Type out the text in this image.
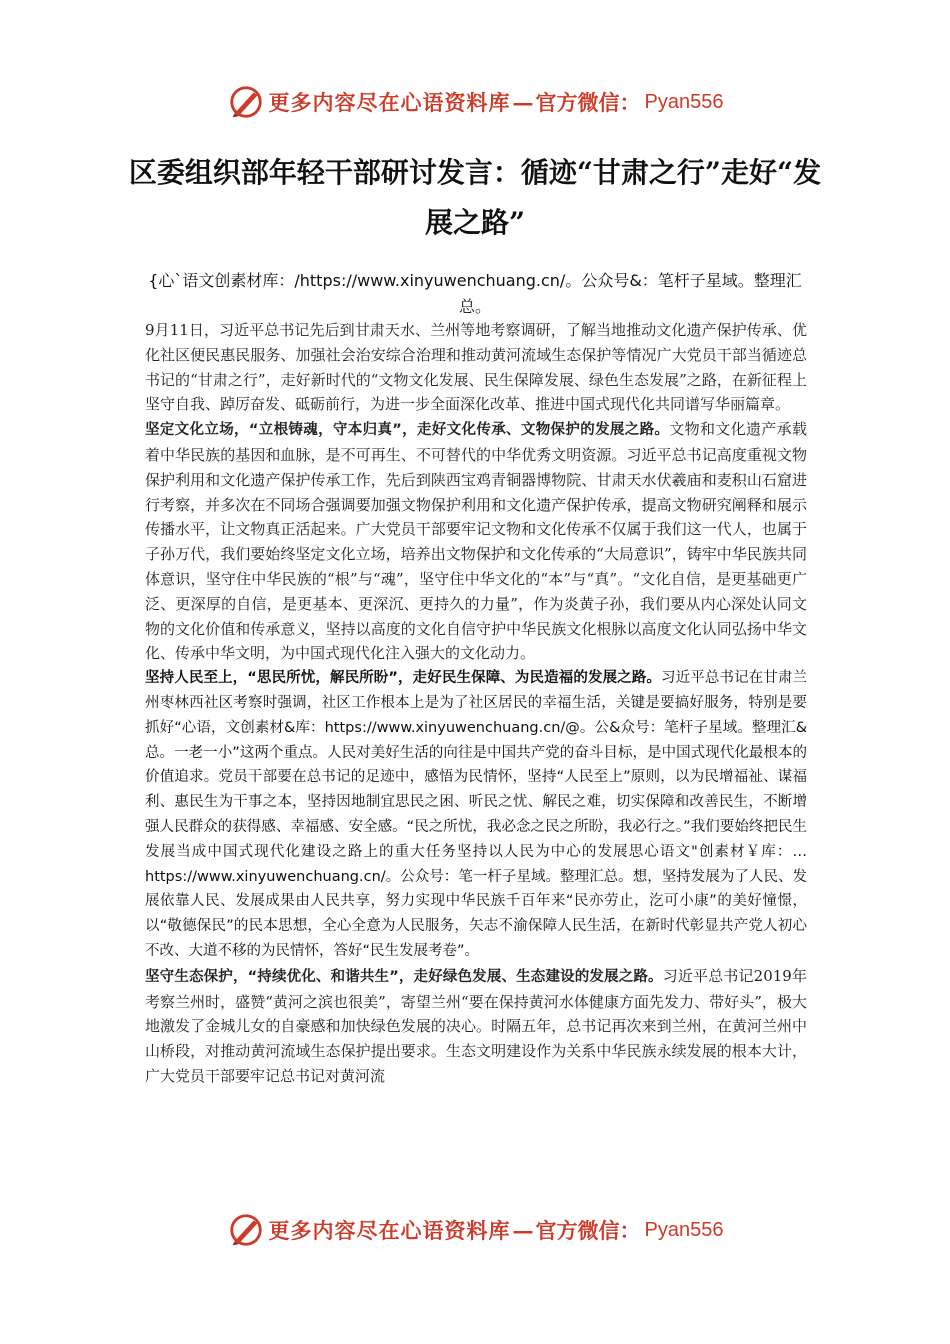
更多内容尽在心语资料库 — 官方微信： Pyan556
区委组织部年轻干部研讨发言：循迹“甘肃之行”走好“发展之路”
{心`语文创素材库：/https://www.xinyuwenchuang.cn/。公众号&：笔杆子星域。整理汇总。

9月11日，习近平总书记先后到甘肃天水、兰州等地考察调研，了解当地推动文化遗产保护传承、优化社区便民惠民服务、加强社会治安综合治理和推动黄河流域生态保护等情况广大党员干部当循迹总书记的“甘肃之行”，走好新时代的“文物文化发展、民生保障发展、绿色生态发展”之路，在新征程上坚守自我、踔厉奋发、砥砺前行，为进一步全面深化改革、推进中国式现代化共同谱写华丽篇章。

坚定文化立场，“立根铸魂，守本归真”，走好文化传承、文物保护的发展之路。文物和文化遗产承载着中华民族的基因和血脉，是不可再生、不可替代的中华优秀文明资源。习近平总书记高度重视文物保护利用和文化遗产保护传承工作，先后到陕西宝鸡青铜器博物院、甘肃天水伏羲庙和麦积山石窟进行考察，并多次在不同场合强调要加强文物保护利用和文化遗产保护传承，提高文物研究阐释和展示传播水平，让文物真正活起来。广大党员干部要牢记文物和文化传承不仅属于我们这一代人，也属于子孙万代，我们要始终坚定文化立场，培养出文物保护和文化传承的“大局意识”，铸牢中华民族共同体意识，坚守住中华民族的“根”与“魂”，坚守住中华文化的“本”与“真”。“文化自信，是更基础更广泛、更深厚的自信，是更基本、更深沉、更持久的力量”，作为炎黄子孙，我们要从内心深处认同文物的文化价值和传承意义，坚持以高度的文化自信守护中华民族文化根脉以高度文化认同弘扬中华文化、传承中华文明，为中国式现代化注入强大的文化动力。

坚持人民至上，“思民所忧，解民所盼”，走好民生保障、为民造福的发展之路。习近平总书记在甘肃兰州枣林西社区考察时强调，社区工作根本上是为了社区居民的幸福生活，关键是要搞好服务，特别是要抓好“心语，文创素材&库：https://www.xinyuwenchuang.cn/@。公&众号：笔杆子星域。整理汇&总。一老一小”这两个重点。人民对美好生活的向往是中国共产党的奋斗目标，是中国式现代化最根本的价值追求。党员干部要在总书记的足迹中，感悟为民情怀，坚持“人民至上”原则，以为民增福祉、谋福利、惠民生为干事之本，坚持因地制宜思民之困、听民之忧、解民之难，切实保障和改善民生，不断增强人民群众的获得感、幸福感、安全感。“民之所忧，我必念之民之所盼，我必行之。”我们要始终把民生发展当成中国式现代化建设之路上的重大任务坚持以人民为中心的发展思心语文"创素材￥库：…https://www.xinyuwenchuang.cn/。公众号：笔一杆子星域。整理汇总。想，坚持发展为了人民、发展依靠人民、发展成果由人民共享，努力实现中华民族千百年来“民亦劳止，汔可小康”的美好憧憬，以“敬德保民”的民本思想，全心全意为人民服务，矢志不渝保障人民生活，在新时代彰显共产党人初心不改、大道不移的为民情怀，答好“民生发展考卷”。

坚守生态保护，“持续优化、和谐共生”，走好绿色发展、生态建设的发展之路。习近平总书记2019年考察兰州时，盛赞“黄河之滨也很美”，寄望兰州“要在保持黄河水体健康方面先发力、带好头”，极大地激发了金城儿女的自豪感和加快绿色发展的决心。时隔五年，总书记再次来到兰州，在黄河兰州中山桥段，对推动黄河流域生态保护提出要求。生态文明建设作为关系中华民族永续发展的根本大计，广大党员干部要牢记总书记对黄河流

更多内容尽在心语资料库 — 官方微信： Pyan556
